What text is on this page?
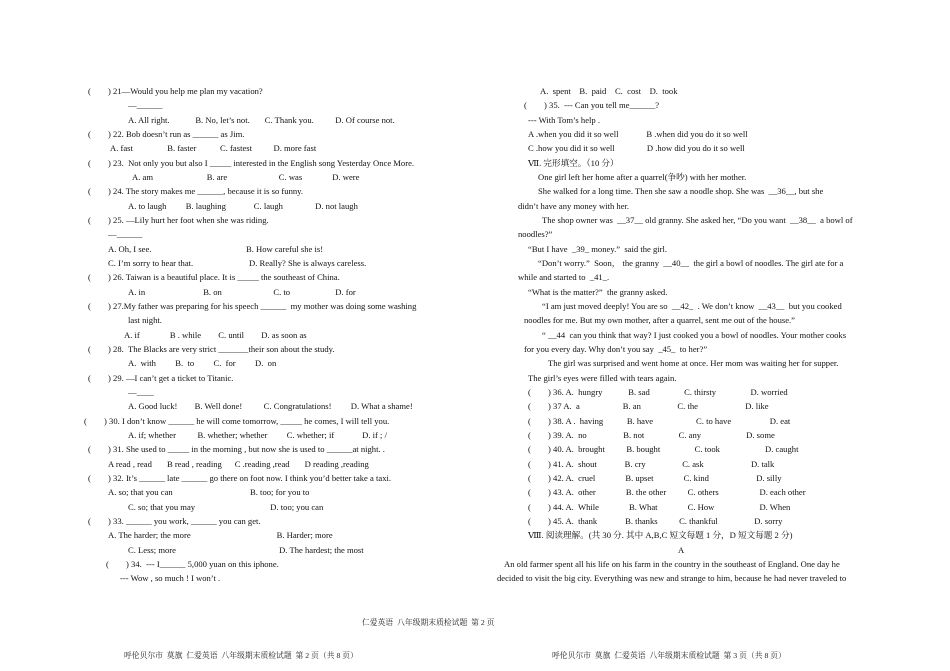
(        ) 21—Would you help me plan my vacation?
—______
A. All right.            B. No, let’s not.       C. Thank you.          D. Of course not.
(        ) 22. Bob doesn’t run as ______ as Jim.
A. fast                B. faster           C. fastest          D. more fast
(        ) 23.  Not only you but also I _____ interested in the English song Yesterday Once More.
A. am                         B. are                        C. was              D. were
(        ) 24. The story makes me ______, because it is so funny.
A. to laugh         B. laughing             C. laugh               D. not laugh
(        ) 25. —Lily hurt her foot when she was riding.
—______
A. Oh, I see.                                            B. How careful she is!
C. I’m sorry to hear that.                          D. Really? She is always careless.
(        ) 26. Taiwan is a beautiful place. It is _____ the southeast of China.
A. in                           B. on                        C. to                     D. for
(        ) 27.My father was preparing for his speech ______  my mother was doing some washing
last night.
A. if              B . while        C. until        D. as soon as
(        ) 28.  The Blacks are very strict _______their son about the study.
A.  with         B.  to         C.  for         D.  on
(        ) 29. —I can’t get a ticket to Titanic.
—____
A. Good luck!        B. Well done!          C. Congratulations!         D. What a shame!
(        ) 30. I don’t know ______ he will come tomorrow, _____ he comes, I will tell you.
A. if; whether          B. whether; whether         C. whether; if             D. if ; /
(        ) 31. She used to _____ in the morning , but now she is used to ______at night. .
A read , read       B read , reading      C .reading ,read       D reading ,reading
(        ) 32. It’s ______ late ______ go there on foot now. I think you’d better take a taxi.
A. so; that you can                                    B. too; for you to
C. so; that you may                                   D. too; you can
(        ) 33. ______ you work, ______ you can get.
A. The harder; the more                                        B. Harder; more
C. Less; more                                                D. The hardest; the most
(        ) 34.  --- I______ 5,000 yuan on this iphone.
--- Wow , so much ! I won’t .
A.  spent    B.  paid    C.  cost    D.  took
(        ) 35.  --- Can you tell me______?
--- With Tom’s help .
A .when you did it so well             B .when did you do it so well
C .how you did it so well               D .how did you do it so well
Ⅶ. 完形填空。（10 分）
One girl left her home after a quarrel(争吵) with her mother.
She walked for a long time. Then she saw a noodle shop. She was  __36__, but she
didn’t have any money with her.
The shop owner was  __37__ old granny. She asked her, “Do you want  __38__  a bowl of
noodles?”
“But I have  _39_ money.”  said the girl.
“Don’t worry.”  Soon， the granny  __40__  the girl a bowl of noodles. The girl ate for a
while and started to  _41_.
“What is the matter?”  the granny asked.
“I am just moved deeply! You are so  __42_  . We don’t know  __43__  but you cooked
noodles for me. But my own mother, after a quarrel, sent me out of the house.”
“ __44  can you think that way? I just cooked you a bowl of noodles. Your mother cooks
for you every day. Why don’t you say  _45_  to her?”
The girl was surprised and went home at once. Her mom was waiting her for supper.
The girl’s eyes were filled with tears again.
(        ) 36. A.  hungry            B. sad                C. thirsty                D. worried
(        ) 37 A.  a                    B. an                 C. the                      D. like
(        ) 38. A .  having           B. have                    C. to have                  D. eat
(        ) 39. A.  no                 B. not                C. any                     D. some
(        ) 40. A.  brought          B. bought                C. took                     D. caught
(        ) 41. A.  shout             B. cry                 C. ask                      D. talk
(        ) 42. A.  cruel              B. upset              C. kind                      D. silly
(        ) 43. A.  other              B. the other          C. others                   D. each other
(        ) 44. A.  While              B. What              C. How                     D. When
(        ) 45. A.  thank             B. thanks          C. thankful                 D. sorry
Ⅷ. 阅读理解。(共 30 分. 其中 A,B,C 短文每题 1 分，D 短文每题 2 分)
A
An old farmer spent all his life on his farm in the country in the southeast of England. One day he
decided to visit the big city. Everything was new and strange to him, because he had never traveled to
仁爱英语  八年级期末质检试题  第 2 页
呼伦贝尔市  莫旗  仁爱英语  八年级期末质检试题  第 2 页（共 8 页）	呼伦贝尔市  莫旗  仁爱英语  八年级期末质检试题  第 3 页（共 8 页）
